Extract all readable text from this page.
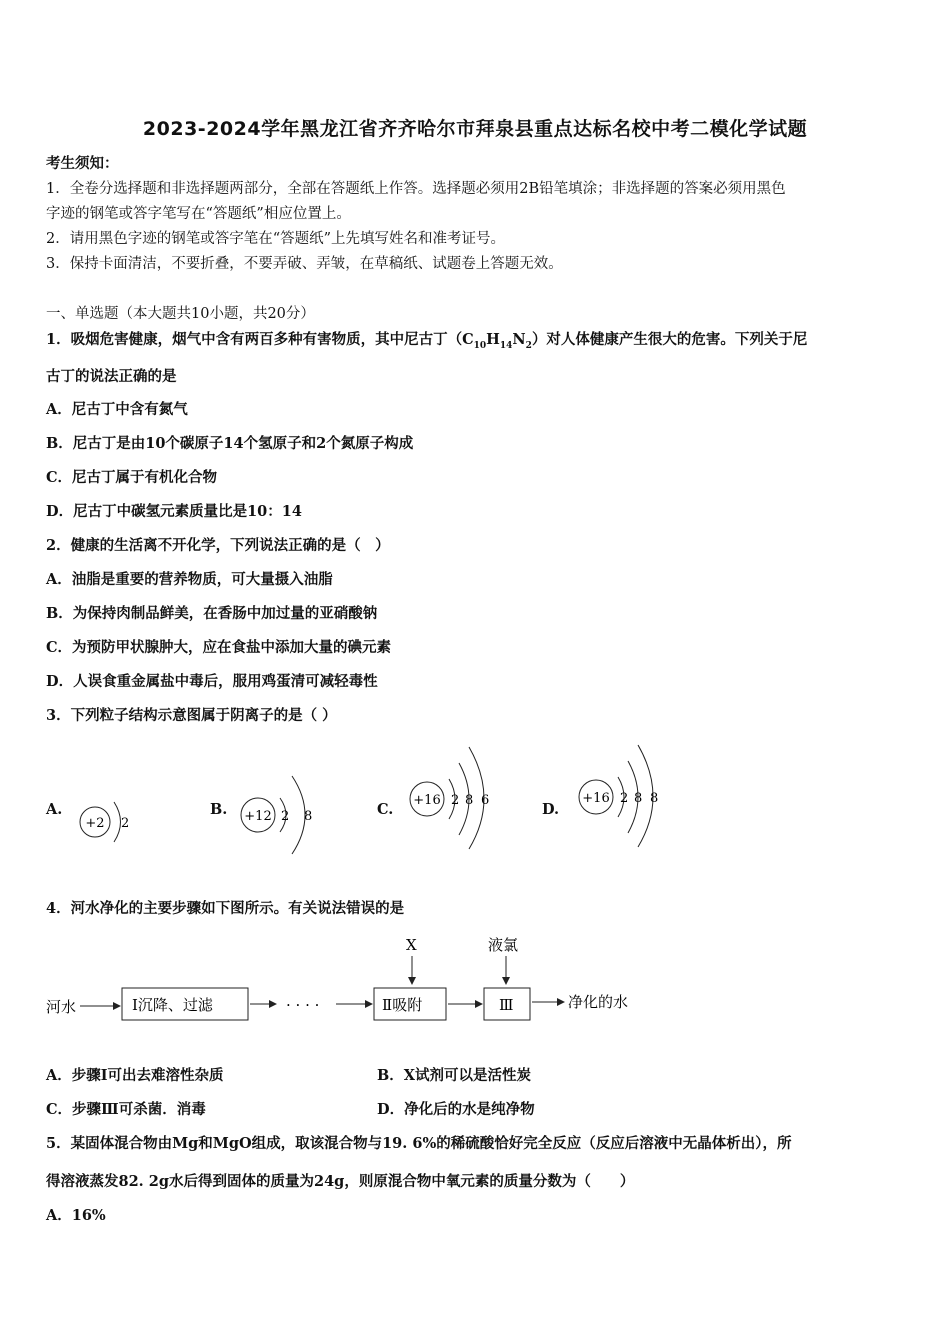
2023-2024学年黑龙江省齐齐哈尔市拜泉县重点达标名校中考二模化学试题
考生须知：
1．全卷分选择题和非选择题两部分，全部在答题纸上作答。选择题必须用2B铅笔填涂；非选择题的答案必须用黑色
字迹的钢笔或答字笔写在“答题纸”相应位置上。
2．请用黑色字迹的钢笔或答字笔在“答题纸”上先填写姓名和准考证号。
3．保持卡面清洁，不要折叠，不要弄破、弄皱，在草稿纸、试题卷上答题无效。
一、单选题（本大题共10小题，共20分）
1．吸烟危害健康，烟气中含有两百多种有害物质，其中尼古丁$(C_{10}H_{14}N_2)$对人体健康产生很大的危害。下列关于尼
古丁的说法正确的是
A．尼古丁中含有氮气
B．尼古丁是由10个碳原子14个氢原子和2个氮原子构成
C．尼古丁属于有机化合物
D．尼古丁中碳氢元素质量比是10：14
2．健康的生活离不开化学，下列说法正确的是（　）
A．油脂是重要的营养物质，可大量摄入油脂
B．为保持肉制品鲜美，在香肠中加过量的亚硝酸钠
C．为预防甲状腺肿大，应在食盐中添加大量的碘元素
D．人误食重金属盐中毒后，服用鸡蛋清可减轻毒性
3．下列粒子结构示意图属于阴离子的是（ ）
A.
+2 2
B. +12 2 8	C.
+16 2 8 6
D.
+16 2 8 8
4．河水净化的主要步骤如下图所示。有关说法错误的是
河水	Ⅰ沉降、过滤	· · · ·	Ⅱ吸附
X
Ⅲ
液氯
净化的水
A．步骤Ⅰ可出去难溶性杂质	B．X试剂可以是活性炭
C．步骤Ⅲ可杀菌．消毒	D．净化后的水是纯净物
5．某固体混合物由Mg和MgO组成，取该混合物与19. 6%的稀硫酸恰好完全反应（反应后溶液中无晶体析出），所
得溶液蒸发82. 2g水后得到固体的质量为24g，则原混合物中氧元素的质量分数为（　　）
A．16%
